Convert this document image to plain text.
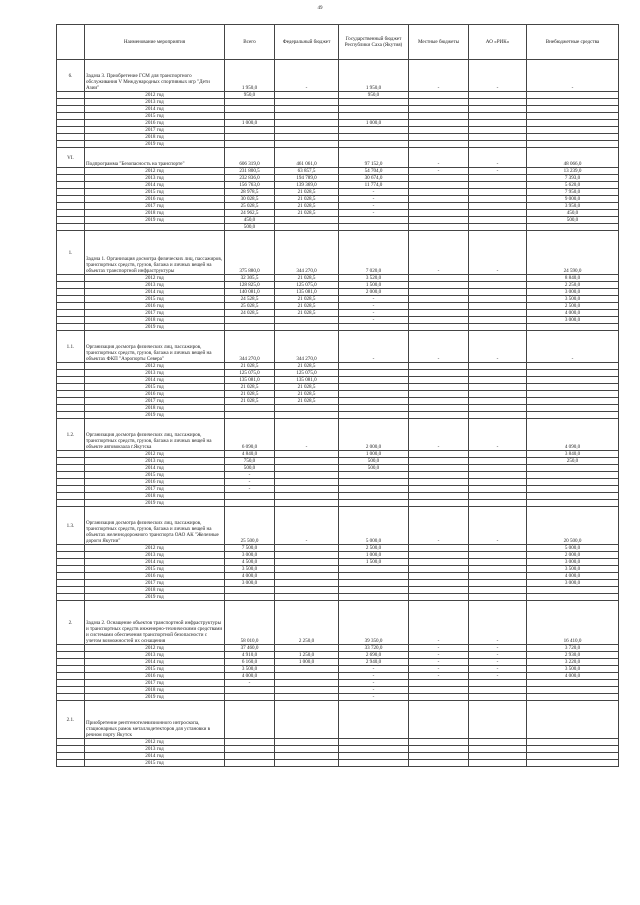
49
	Наименование мероприятия	Всего	Федеральный бюджет	Государственный бюджет Республики Саха (Якутия)	Местные бюджеты	АО «РИК»	Внебюджетные средства
6.	Задача 3. Приобретение ГСМ для транспортного обслуживания V Международных спортивных игр "Дети Азии"	1 950,0	-	1 950,0	-	-	-
	2012 год	950,0		950,0			
	2013 год						
	2014 год						
	2015 год						
	2016 год	1 000,0		1 000,0			
	2017 год						
	2018 год						
	2019 год						
VI.	Подпрограмма "Безопасность на транспорте"	606 319,0	461 061,0	97 152,0	-	-	48 066,0
	2012 год	231 800,5	63 857,5	54 704,0	-	-	13 239,0
	2013 год	232 836,0	194 789,0	30 674,0			7 393,0
	2014 год	156 763,0	139 369,0	11 774,0			5 620,0
	2015 год	28 978,5	21 028,5	-			7 950,0
	2016 год	30 028,5	21 028,5	-			9 000,0
	2017 год	25 028,5	21 028,5	-			3 950,0
	2018 год	24 962,5	21 028,5	-			450,0
	2019 год	450,0					500,0
		500,0					
1.	Задача 1. Организация досмотра физических лиц, пассажиров, транспортных средств, грузов, багажа и личных вещей на объектах транспортной инфраструктуры	375 880,0	344 270,0	7 020,0	-	-	24 590,0
	2012 год	32 305,5	21 028,5	3 520,0			8 840,0
	2013 год	128 825,0	125 075,0	1 500,0			2 250,0
	2014 год	140 081,0	135 081,0	2 000,0			3 000,0
	2015 год	24 528,5	21 028,5	-			3 500,0
	2016 год	25 028,5	21 028,5	-			2 500,0
	2017 год	24 028,5	21 028,5	-			4 000,0
	2018 год			-			3 000,0
	2019 год						
1.1.	Организация досмотра физических лиц, пассажиров, транспортных средств, грузов, багажа и личных вещей на объектах ФКП "Аэропорты Севера"	344 270,0	344 270,0	-	-	-	-
	2012 год	21 028,5	21 028,5				
	2013 год	125 075,0	125 075,0				
	2014 год	135 081,0	135 081,0				
	2015 год	21 028,5	21 028,5				
	2016 год	21 028,5	21 028,5				
	2017 год	21 028,5	21 028,5				
	2018 год						
	2019 год						
1.2.	Организация досмотра физических лиц, пассажиров, транспортных средств, грузов, багажа и личных вещей на объекте автовокзала г.Якутска	6 090,0	-	2 000,0	-	-	4 090,0
	2012 год	4 840,0		1 000,0			3 840,0
	2013 год	750,0		500,0			250,0
	2014 год	500,0		500,0			
	2015 год	-					
	2016 год	-					
	2017 год	-					
	2018 год						
	2019 год						
1.3.	Организация досмотра физических лиц, пассажиров, транспортных средств, грузов, багажа и личных вещей на объектах железнодорожного транспорта ОАО АК "Железные дороги Якутии"	25 500,0	-	5 000,0	-	-	20 500,0
	2012 год	7 500,0		2 500,0			5 000,0
	2013 год	3 000,0		1 000,0			2 000,0
	2014 год	4 500,0		1 500,0			3 000,0
	2015 год	3 500,0					3 500,0
	2016 год	4 000,0					4 000,0
	2017 год	3 000,0					3 000,0
	2018 год						
	2019 год						
2.	Задача 2. Оснащение объектов транспортной инфраструктуры и транспортных средств инженерно-техническими средствами и системами обеспечения транспортной безопасности с учетом возможностей их оснащения	58 010,0	2 250,0	39 350,0	-	-	16 410,0
	2012 год	37 460,0		33 720,0	-	-	3 720,0
	2013 год	4 910,0	1 250,0	2 690,0	-	-	2 930,0
	2014 год	6 160,0	1 000,0	2 940,0	-	-	3 220,0
	2015 год	3 500,0		-	-	-	3 500,0
	2016 год	4 000,0		-	-	-	4 000,0
	2017 год	-		-			
	2018 год			-			
	2019 год			-			
2.1.	Приобретение рентгенотелевизионного интроскопа, стационарных рамок металлодетекторов для установки в речном порту Якутск						
	2012 год						
	2013 год						
	2014 год						
	2015 год						
